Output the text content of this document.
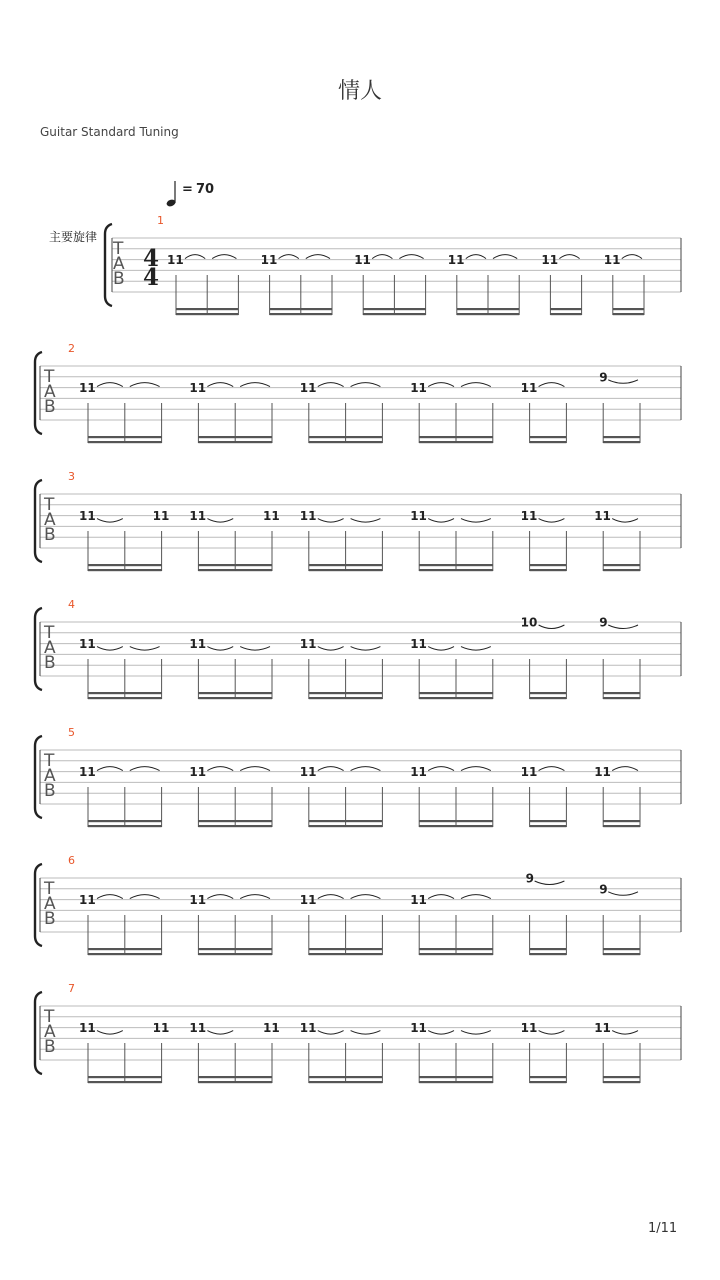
情人
Guitar Standard Tuning
= 70
主要旋律
1
T
A
B
4
4
11	11	11	11	11	11
2
T
A
B
11	11	11	11	11
9
3
T
A
B
11	11 11	11 11	11	11	11
4
T
A
B
11	11	11	11
10	9
5
T
A
B
11	11	11	11	11	11
6
T
A
B
11	11	11	11
9
9
7
T
A
B
11	11 11	11 11	11	11	11
1/11
